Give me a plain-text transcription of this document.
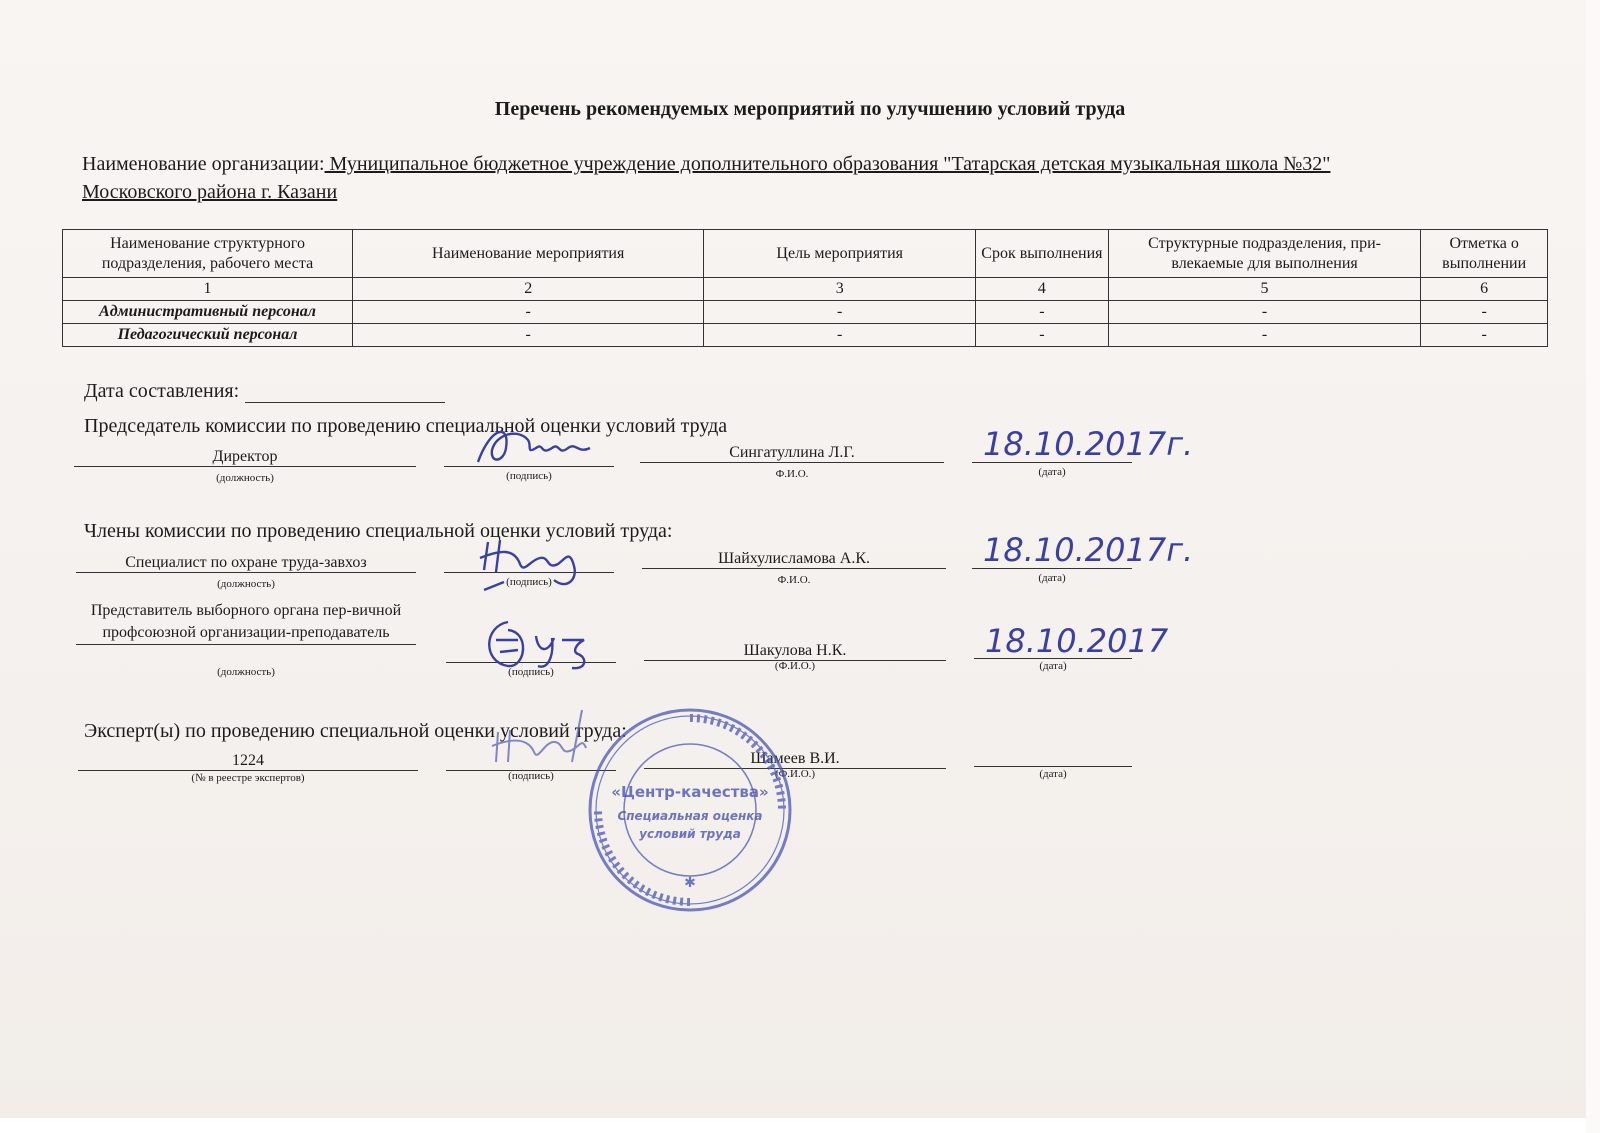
Перечень рекомендуемых мероприятий по улучшению условий труда
Наименование организации: Муниципальное бюджетное учреждение дополнительного образования "Татарская детская музыкальная школа №32"
Московского района г. Казани
Наименование структурного подразделения, рабочего места	Наименование мероприятия	Цель мероприятия	Срок выполнения	Структурные подразделения, при-влекаемые для выполнения	Отметка о выполнении
1	2	3	4	5	6
Административный персонал	-	-	-	-	-
Педагогический персонал	-	-	-	-	-
Дата составления:
Председатель комиссии по проведению специальной оценки условий труда
Директор
(должность)	(подпись)
Сингатуллина Л.Г.
Ф.И.О.	(дата)
18.10.2017г.
Члены комиссии по проведению специальной оценки условий труда:
Специалист по охране труда-завхоз
(должность)	(подпись)
Шайхулисламова А.К.
Ф.И.О.	(дата)
18.10.2017г.
Представитель выборного органа пер-вичной профсоюзной организации-преподаватель
(должность)	(подпись)
Шакулова Н.К.
(Ф.И.О.)	(дата)
18.10.2017
Эксперт(ы) по проведению специальной оценки условий труда:
1224
(№ в реестре экспертов)	(подпись)
Шамеев В.И.
(Ф.И.О.)	(дата)
«Центр-качества»
Специальная оценка
условий труда
✱
